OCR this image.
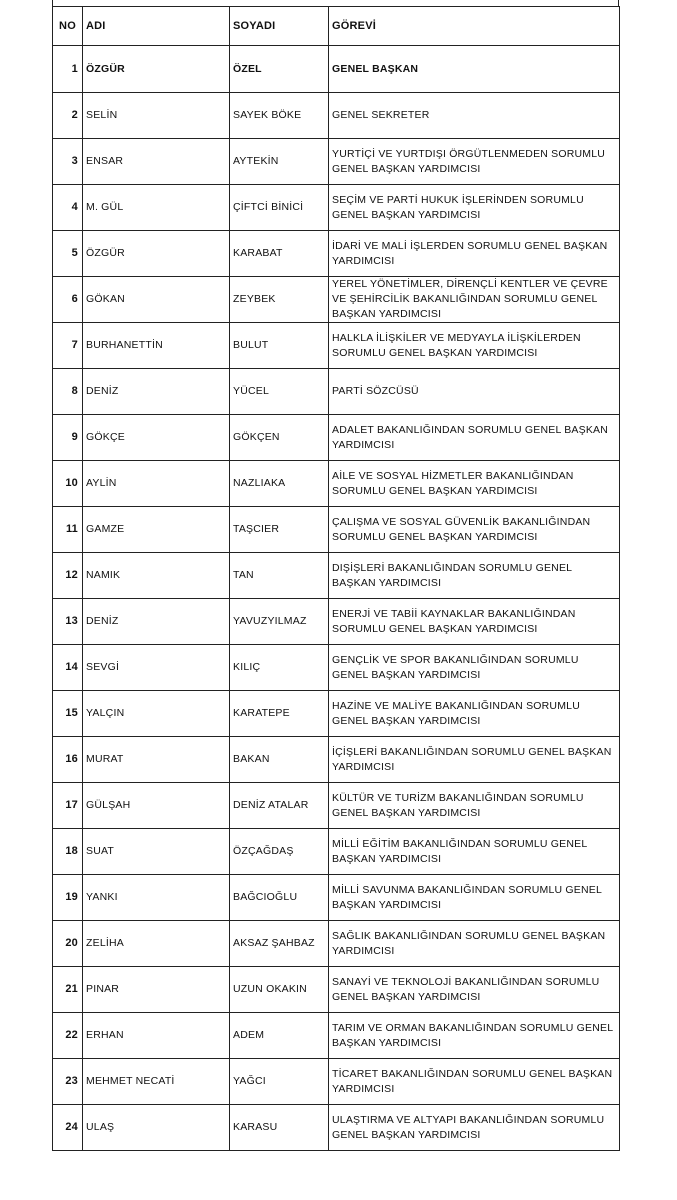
NO	ADI	SOYADI	GÖREVİ
1	ÖZGÜR	ÖZEL	GENEL BAŞKAN
2	SELİN	SAYEK BÖKE	GENEL SEKRETER
3	ENSAR	AYTEKİN	YURTİÇİ VE YURTDIŞI ÖRGÜTLENMEDEN SORUMLU GENEL BAŞKAN YARDIMCISI
4	M. GÜL	ÇİFTCİ BİNİCİ	SEÇİM VE PARTİ HUKUK İŞLERİNDEN SORUMLU GENEL BAŞKAN YARDIMCISI
5	ÖZGÜR	KARABAT	İDARİ VE MALİ İŞLERDEN SORUMLU GENEL BAŞKAN YARDIMCISI
6	GÖKAN	ZEYBEK	YEREL YÖNETİMLER, DİRENÇLİ KENTLER VE ÇEVRE VE ŞEHİRCİLİK BAKANLIĞINDAN SORUMLU GENEL BAŞKAN YARDIMCISI
7	BURHANETTİN	BULUT	HALKLA İLİŞKİLER VE MEDYAYLA İLİŞKİLERDEN SORUMLU GENEL BAŞKAN YARDIMCISI
8	DENİZ	YÜCEL	PARTİ SÖZCÜSÜ
9	GÖKÇE	GÖKÇEN	ADALET BAKANLIĞINDAN SORUMLU GENEL BAŞKAN YARDIMCISI
10	AYLİN	NAZLIAKA	AİLE VE SOSYAL HİZMETLER BAKANLIĞINDAN SORUMLU GENEL BAŞKAN YARDIMCISI
11	GAMZE	TAŞCIER	ÇALIŞMA VE SOSYAL GÜVENLİK BAKANLIĞINDAN SORUMLU GENEL BAŞKAN YARDIMCISI
12	NAMIK	TAN	DIŞİŞLERİ BAKANLIĞINDAN SORUMLU GENEL BAŞKAN YARDIMCISI
13	DENİZ	YAVUZYILMAZ	ENERJİ VE TABİİ KAYNAKLAR BAKANLIĞINDAN SORUMLU GENEL BAŞKAN YARDIMCISI
14	SEVGİ	KILIÇ	GENÇLİK VE SPOR BAKANLIĞINDAN SORUMLU GENEL BAŞKAN YARDIMCISI
15	YALÇIN	KARATEPE	HAZİNE VE MALİYE BAKANLIĞINDAN SORUMLU GENEL BAŞKAN YARDIMCISI
16	MURAT	BAKAN	İÇİŞLERİ BAKANLIĞINDAN SORUMLU GENEL BAŞKAN YARDIMCISI
17	GÜLŞAH	DENİZ ATALAR	KÜLTÜR VE TURİZM BAKANLIĞINDAN SORUMLU GENEL BAŞKAN YARDIMCISI
18	SUAT	ÖZÇAĞDAŞ	MİLLİ EĞİTİM BAKANLIĞINDAN SORUMLU GENEL BAŞKAN YARDIMCISI
19	YANKI	BAĞCIOĞLU	MİLLİ SAVUNMA BAKANLIĞINDAN SORUMLU GENEL BAŞKAN YARDIMCISI
20	ZELİHA	AKSAZ ŞAHBAZ	SAĞLIK BAKANLIĞINDAN SORUMLU GENEL BAŞKAN YARDIMCISI
21	PINAR	UZUN OKAKIN	SANAYİ VE TEKNOLOJİ BAKANLIĞINDAN SORUMLU GENEL BAŞKAN YARDIMCISI
22	ERHAN	ADEM	TARIM VE ORMAN BAKANLIĞINDAN SORUMLU GENEL BAŞKAN YARDIMCISI
23	MEHMET NECATİ	YAĞCI	TİCARET BAKANLIĞINDAN SORUMLU GENEL BAŞKAN YARDIMCISI
24	ULAŞ	KARASU	ULAŞTIRMA VE ALTYAPI BAKANLIĞINDAN SORUMLU GENEL BAŞKAN YARDIMCISI
